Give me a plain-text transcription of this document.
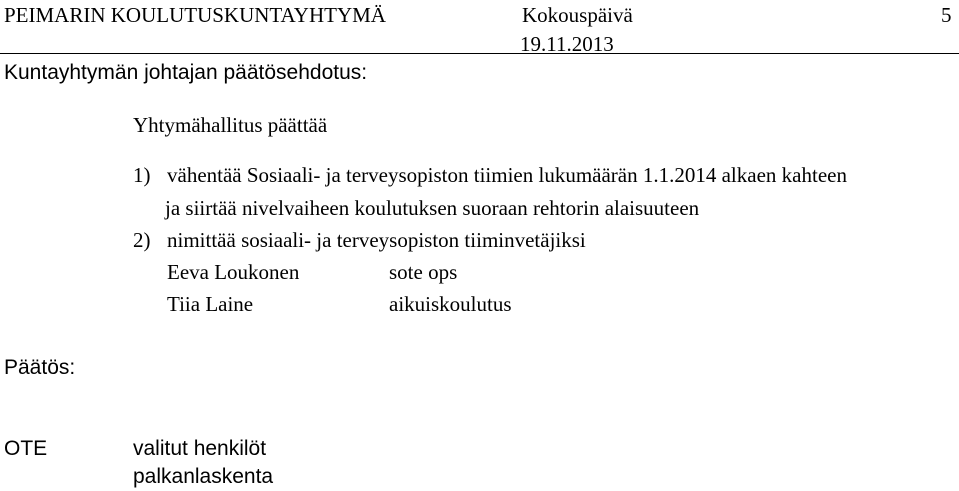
PEIMARIN KOULUTUSKUNTAYHTYMÄ	Kokouspäivä	5
19.11.2013
Kuntayhtymän johtajan päätösehdotus:
Yhtymähallitus päättää
1) vähentää Sosiaali- ja terveysopiston tiimien lukumäärän 1.1.2014 alkaen kahteen
ja siirtää nivelvaiheen koulutuksen suoraan rehtorin alaisuuteen
2) nimittää sosiaali- ja terveysopiston tiiminvetäjiksi
Eeva Loukonen	sote ops
Tiia Laine	aikuiskoulutus
Päätös:
OTE	valitut henkilöt
palkanlaskenta
